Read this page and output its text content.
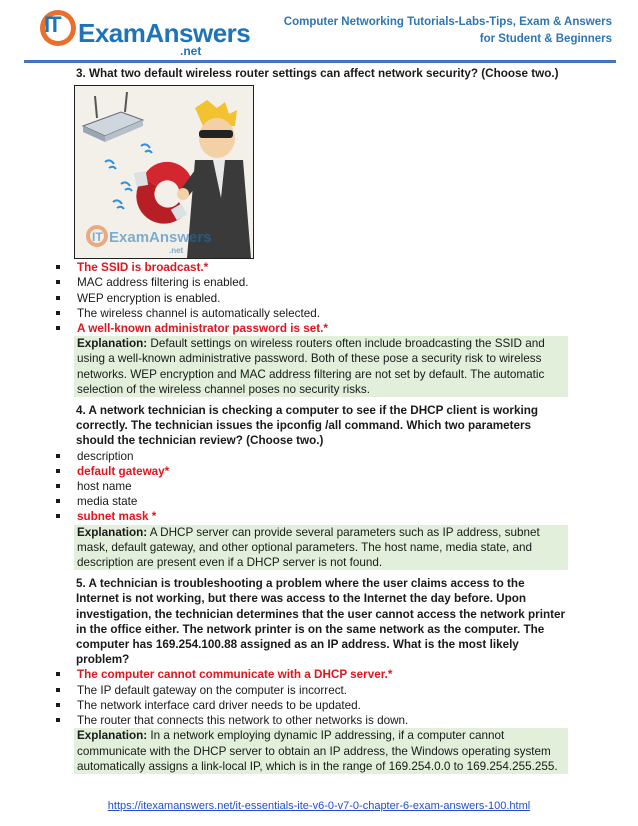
IT ExamAnswers
.net
Computer Networking Tutorials-Labs-Tips, Exam & Answers
for Student & Beginners
3. What two default wireless router settings can affect network security? (Choose two.)
IT ExamAnswers
.net
The SSID is broadcast.*
MAC address filtering is enabled.
WEP encryption is enabled.
The wireless channel is automatically selected.
A well-known administrator password is set.*
Explanation: Default settings on wireless routers often include broadcasting the SSID and using a well-known administrative password. Both of these pose a security risk to wireless networks. WEP encryption and MAC address filtering are not set by default. The automatic selection of the wireless channel poses no security risks.
4. A network technician is checking a computer to see if the DHCP client is working correctly. The technician issues the ipconfig /all command. Which two parameters should the technician review? (Choose two.)
description
default gateway*
host name
media state
subnet mask *
Explanation: A DHCP server can provide several parameters such as IP address, subnet mask, default gateway, and other optional parameters. The host name, media state, and description are present even if a DHCP server is not found.
5. A technician is troubleshooting a problem where the user claims access to the Internet is not working, but there was access to the Internet the day before. Upon investigation, the technician determines that the user cannot access the network printer in the office either. The network printer is on the same network as the computer. The computer has 169.254.100.88 assigned as an IP address. What is the most likely problem?
The computer cannot communicate with a DHCP server.*
The IP default gateway on the computer is incorrect.
The network interface card driver needs to be updated.
The router that connects this network to other networks is down.
Explanation: In a network employing dynamic IP addressing, if a computer cannot communicate with the DHCP server to obtain an IP address, the Windows operating system automatically assigns a link-local IP, which is in the range of 169.254.0.0 to 169.254.255.255.
https://itexamanswers.net/it-essentials-ite-v6-0-v7-0-chapter-6-exam-answers-100.html
